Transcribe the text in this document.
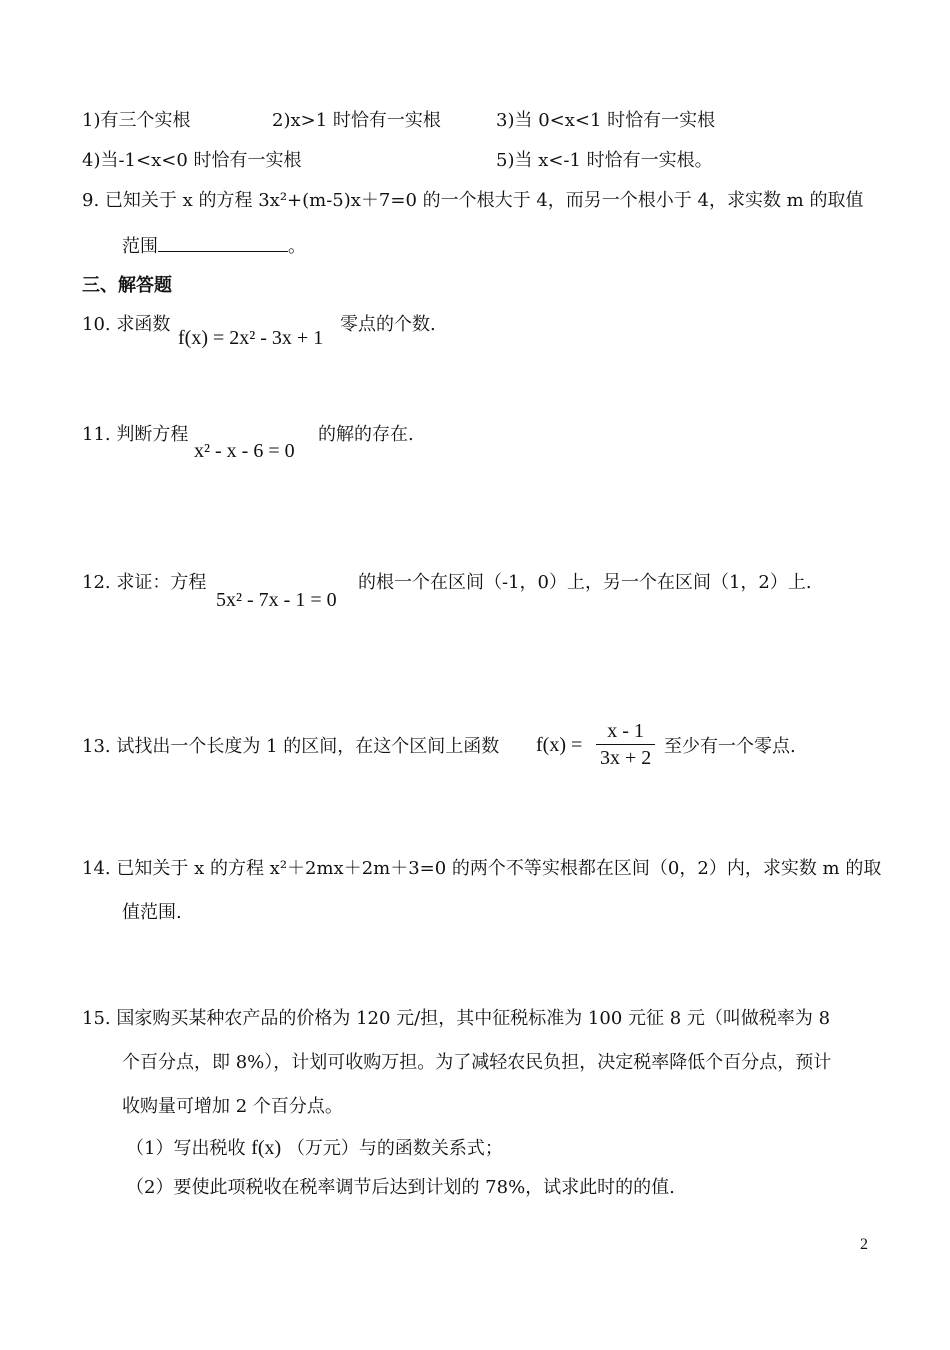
1)有三个实根	2)x>1 时恰有一实根	3)当 0<x<1 时恰有一实根
4)当-1<x<0 时恰有一实根	5)当 x<-1 时恰有一实根。
9. 已知关于 x 的方程 3x²+(m-5)x＋7=0 的一个根大于 4，而另一个根小于 4，求实数 m 的取值
范围	。
三、解答题
10. 求函数
f(x) = 2x² - 3x + 1
零点的个数.
11. 判断方程
x² - x - 6 = 0
的解的存在.
12. 求证：方程
5x² - 7x - 1 = 0
的根一个在区间（-1，0）上，另一个在区间（1，2）上.
13. 试找出一个长度为 1 的区间，在这个区间上函数 $f(x) = \frac{x - 1}{3x + 2}$ 至少有一个零点.
14. 已知关于 x 的方程 x²＋2mx＋2m＋3=0 的两个不等实根都在区间（0，2）内，求实数 m 的取
值范围.
15. 国家购买某种农产品的价格为 120 元/担，其中征税标准为 100 元征 8 元（叫做税率为 8
个百分点，即 8%），计划可收购万担。为了减轻农民负担，决定税率降低个百分点，预计
收购量可增加 2 个百分点。
（1）写出税收 f(x) （万元）与的函数关系式；
（2）要使此项税收在税率调节后达到计划的 78%，试求此时的的值.
2
